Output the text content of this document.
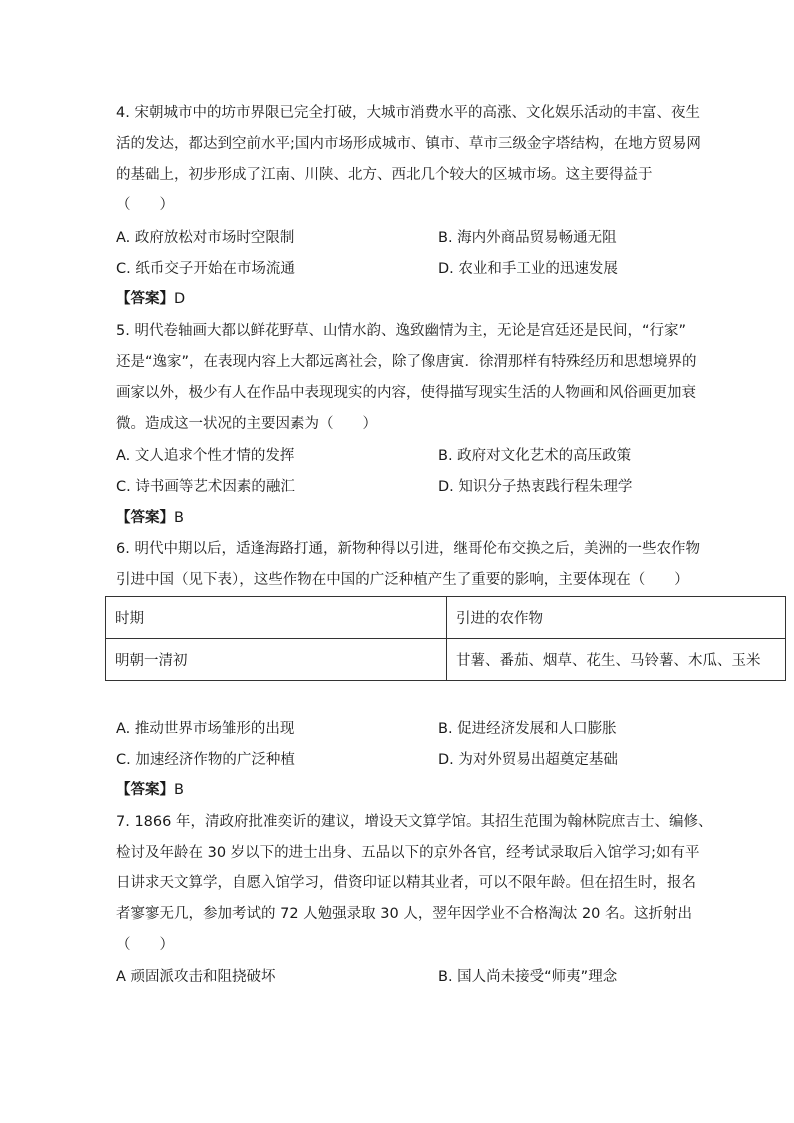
4. 宋朝城市中的坊市界限已完全打破，大城市消费水平的高涨、文化娱乐活动的丰富、夜生
活的发达，都达到空前水平;国内市场形成城市、镇市、草市三级金字塔结构，在地方贸易网
的基础上，初步形成了江南、川陕、北方、西北几个较大的区城市场。这主要得益于
（　　）
A. 政府放松对市场时空限制	B. 海内外商品贸易畅通无阻
C. 纸币交子开始在市场流通	D. 农业和手工业的迅速发展
【答案】D
5. 明代卷轴画大都以鲜花野草、山情水韵、逸致幽情为主，无论是宫廷还是民间，“行家”
还是“逸家”，在表现内容上大都远离社会，除了像唐寅．徐渭那样有特殊经历和思想境界的
画家以外，极少有人在作品中表现现实的内容，使得描写现实生活的人物画和风俗画更加衰
微。造成这一状况的主要因素为（　　）
A. 文人追求个性才情的发挥	B. 政府对文化艺术的高压政策
C. 诗书画等艺术因素的融汇	D. 知识分子热衷践行程朱理学
【答案】B
6. 明代中期以后，适逢海路打通，新物种得以引进，继哥伦布交换之后，美洲的一些农作物
引进中国（见下表），这些作物在中国的广泛种植产生了重要的影响，主要体现在（　　）
时期	引进的农作物
明朝一清初	甘薯、番茄、烟草、花生、马铃薯、木瓜、玉米
A. 推动世界市场雏形的出现	B. 促进经济发展和人口膨胀
C. 加速经济作物的广泛种植	D. 为对外贸易出超奠定基础
【答案】B
7. 1866 年，清政府批准奕䜣的建议，增设天文算学馆。其招生范围为翰林院庶吉士、编修、
检讨及年龄在 30 岁以下的进士出身、五品以下的京外各官，经考试录取后入馆学习;如有平
日讲求天文算学，自愿入馆学习，借资印证以精其业者，可以不限年龄。但在招生时，报名
者寥寥无几，参加考试的 72 人勉强录取 30 人，翌年因学业不合格淘汰 20 名。这折射出
（　　）
A 顽固派攻击和阻挠破坏	B. 国人尚未接受“师夷”理念
